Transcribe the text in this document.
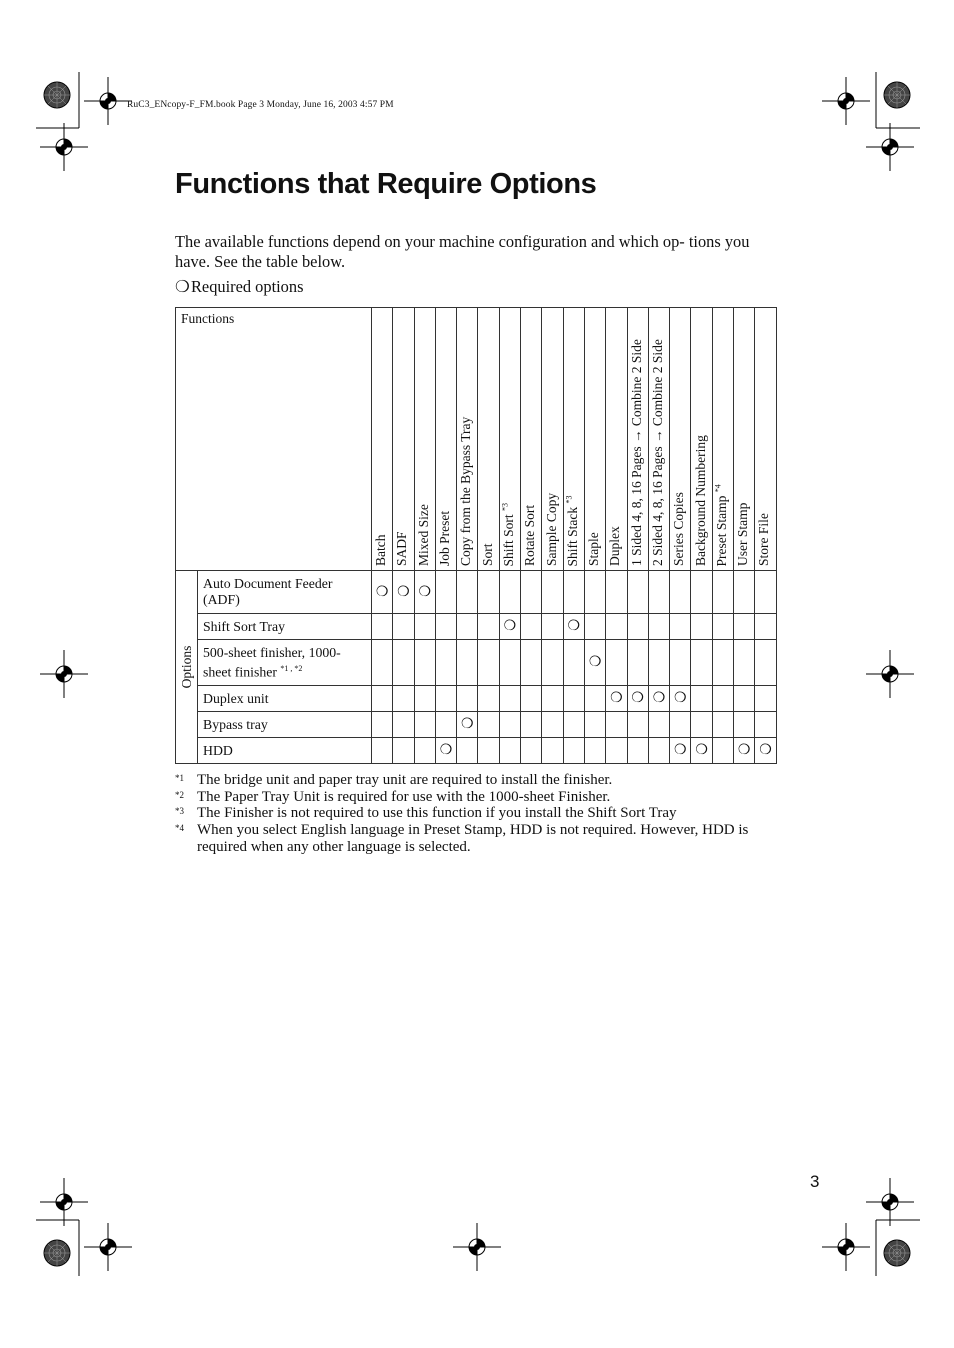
RuC3_ENcopy-F_FM.book Page 3 Monday, June 16, 2003 4:57 PM
Functions that Require Options

The available functions depend on your machine configuration and which op- tions you have. See the table below.

❍Required options
Functions		Batch	SADF	Mixed Size	Job Preset	Copy from the Bypass Tray	Sort	Shift Sort $^{*3}$	Rotate Sort	Sample Copy	Shift Stack $^{*3}$	Staple	Duplex	1 Sided 4, 8, 16 Pages → Combine 2 Side	2 Sided 4, 8, 16 Pages → Combine 2 Side	Series Copies	Background Numbering	Preset Stamp $^{*4}$	User Stamp	Store File

Options	Auto Document Feeder (ADF)	❍	❍	❍																
	Shift Sort Tray							❍			❍									
	500-sheet finisher, 1000-sheet finisher $^{*1 , *2}$											❍								
	Duplex unit												❍	❍	❍	❍				
	Bypass tray					❍														
	HDD				❍											❍	❍		❍	❍
*1 The bridge unit and paper tray unit are required to install the finisher.
*2 The Paper Tray Unit is required for use with the 1000-sheet Finisher.
*3 The Finisher is not required to use this function if you install the Shift Sort Tray
*4 When you select English language in Preset Stamp, HDD is not required. However, HDD is required when any other language is selected.
3
